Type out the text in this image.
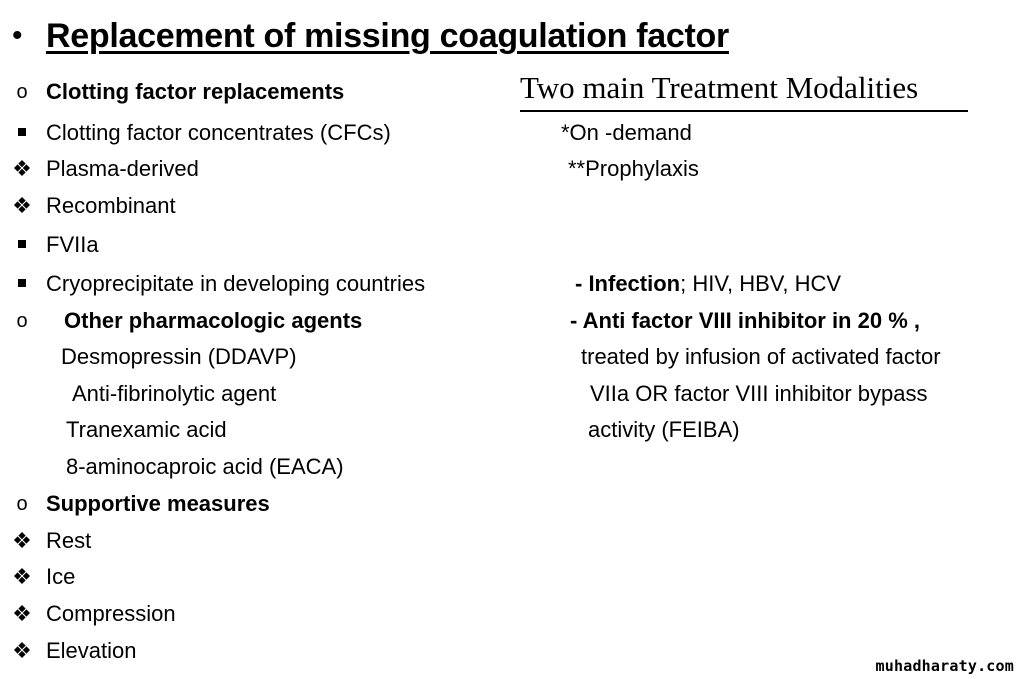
• Replacement of missing coagulation factor
o Clotting factor replacements
Clotting factor concentrates (CFCs)
❖ Plasma-derived
❖ Recombinant
FVIIa
Cryoprecipitate in developing countries
o Other pharmacologic agents
Desmopressin (DDAVP)
Anti-fibrinolytic agent
Tranexamic acid
8-aminocaproic acid (EACA)
o Supportive measures
❖ Rest
❖ Ice
❖ Compression
❖ Elevation
Two main Treatment Modalities
*On -demand
**Prophylaxis
- Infection; HIV, HBV, HCV
- Anti factor VIII inhibitor in 20 % ,
treated by infusion of activated factor
VIIa OR factor VIII inhibitor bypass
activity (FEIBA)
muhadharaty.com
